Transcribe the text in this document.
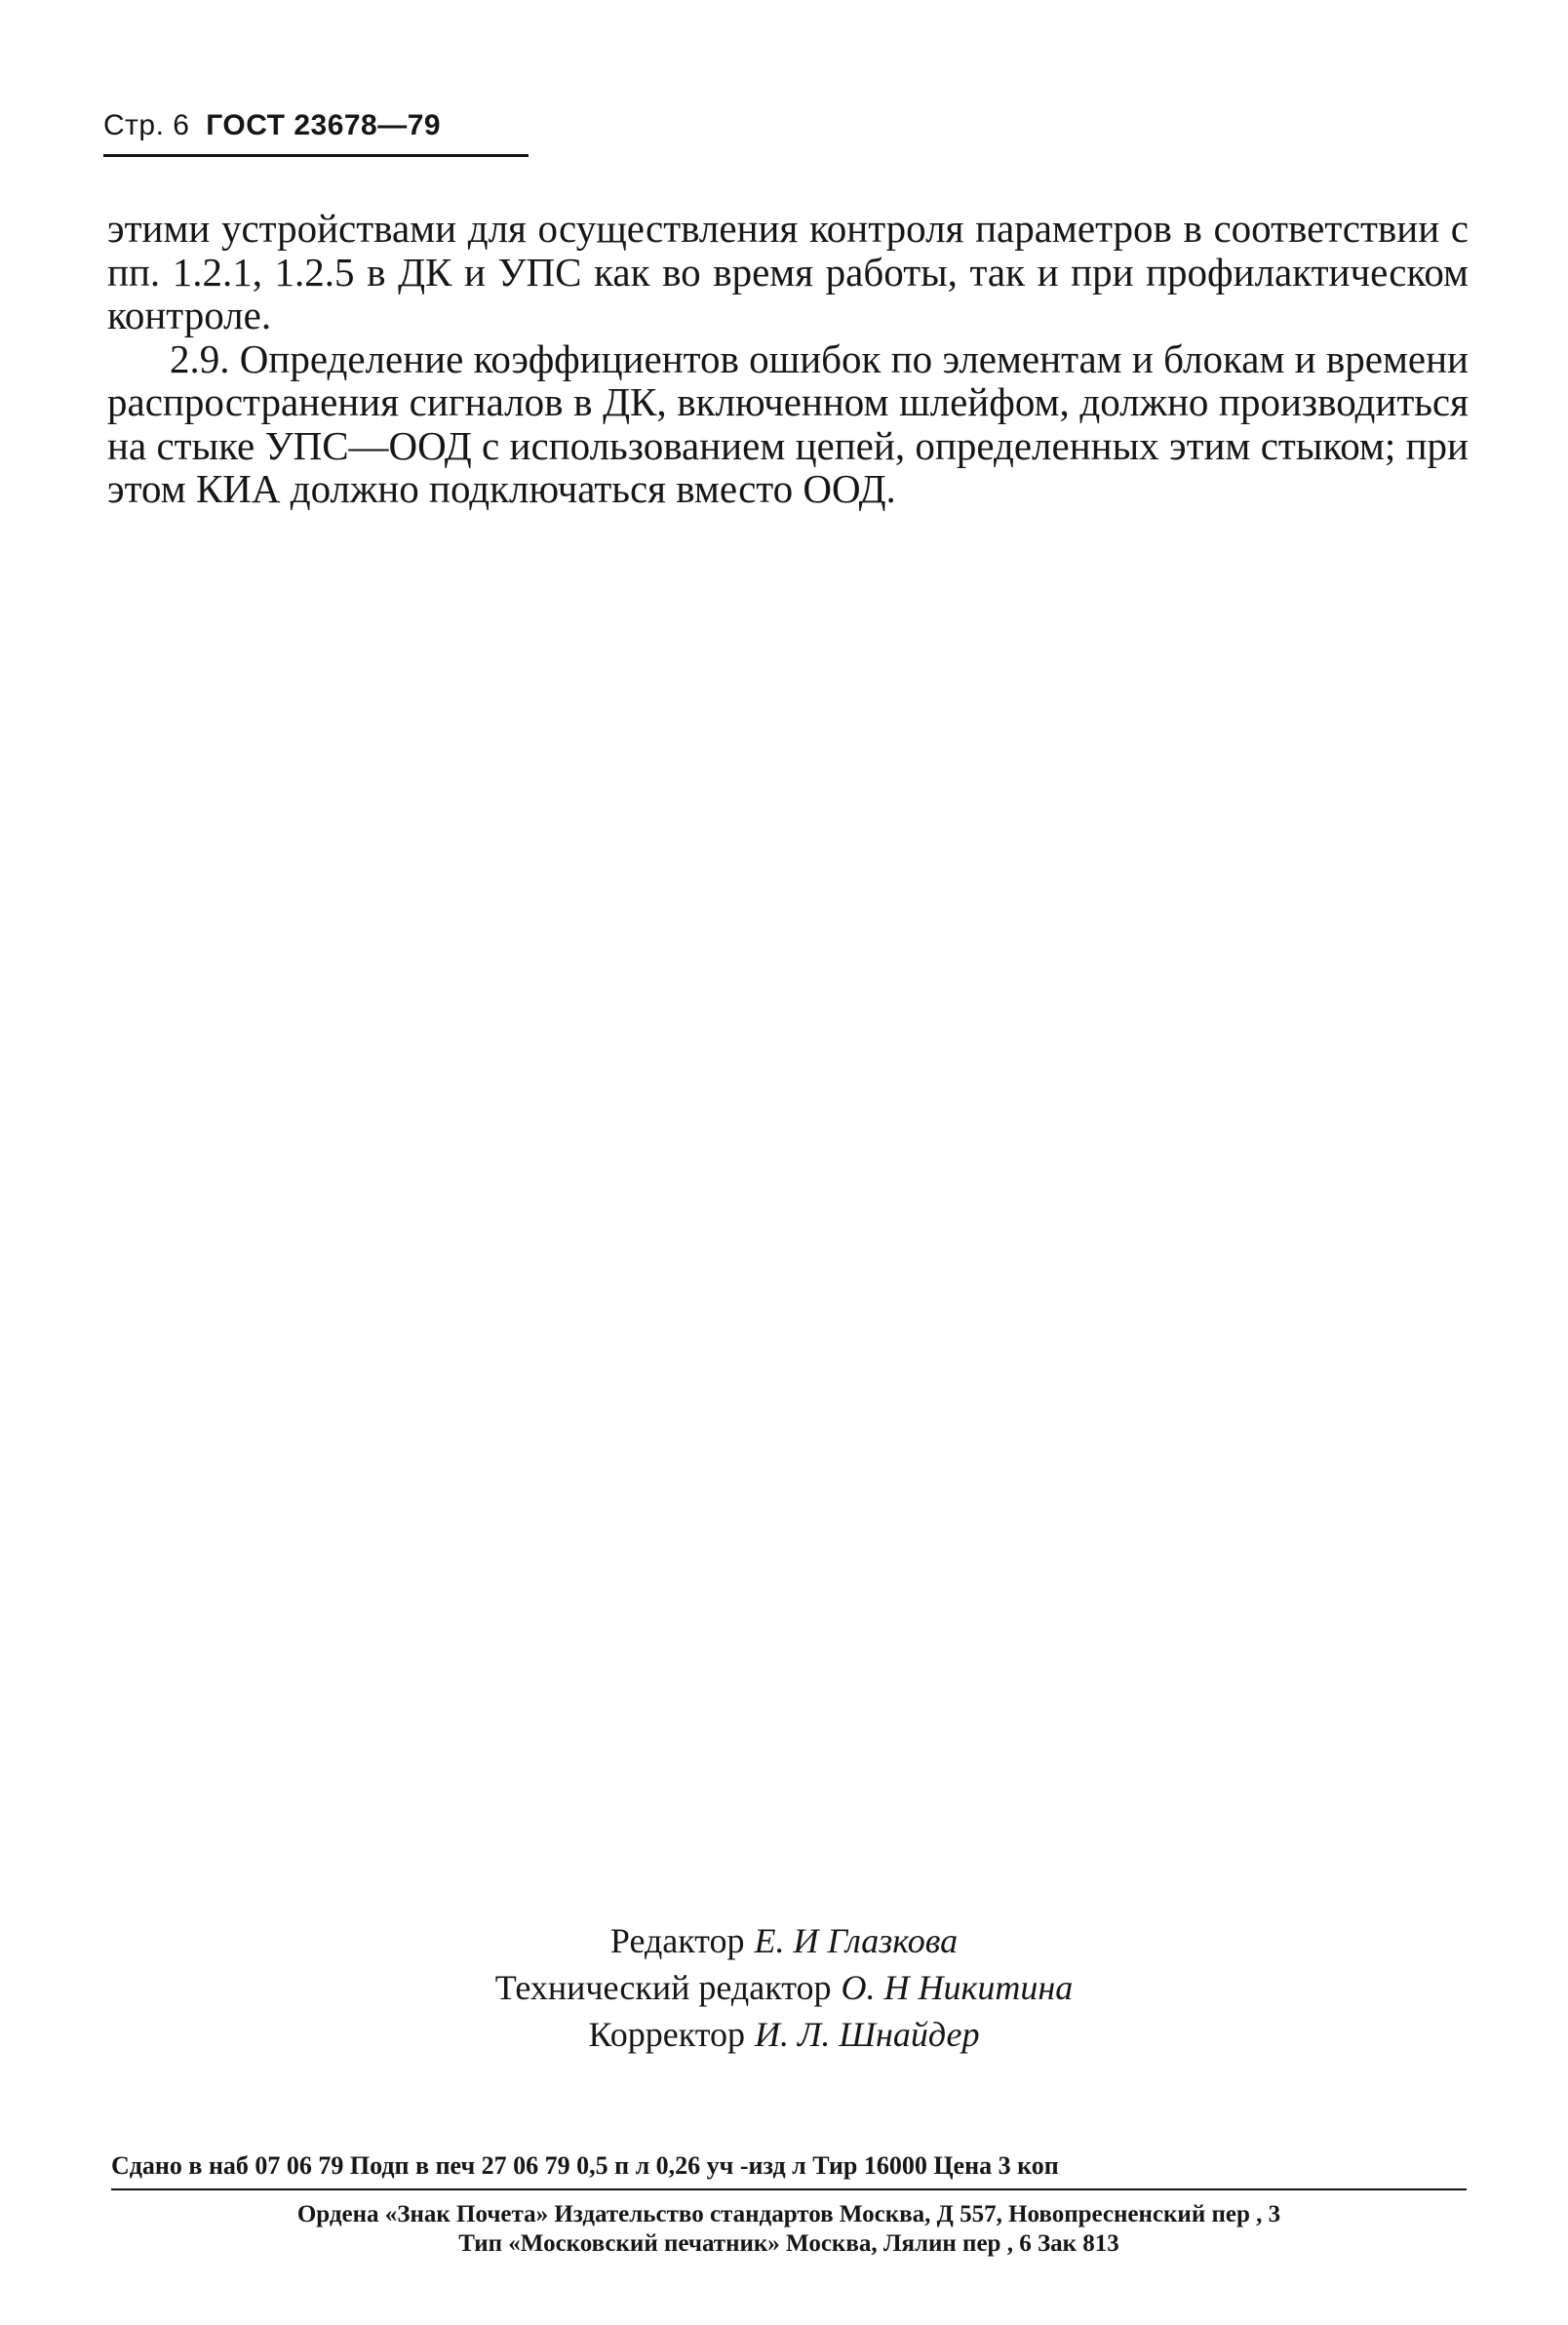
Стр. 6 ГОСТ 23678—79

этими устройствами для осуществления контроля параметров в соответствии с пп. 1.2.1, 1.2.5 в ДК и УПС как во время работы, так и при профилактическом контроле.

2.9. Определение коэффициентов ошибок по элементам и блокам и времени распространения сигналов в ДК, включенном шлейфом, должно производиться на стыке УПС—ООД с использованием цепей, определенных этим стыком; при этом КИА должно подключаться вместо ООД.

Редактор Е. И Глазкова
Технический редактор О. Н Никитина
Корректор И. Л. Шнайдер
Сдано в наб 07 06 79 Подп в печ 27 06 79 0,5 п л 0,26 уч -изд л Тир 16000 Цена 3 коп
Ордена «Знак Почета» Издательство стандартов Москва, Д 557, Новопресненский пер , 3
Тип «Московский печатник» Москва, Лялин пер , 6 Зак 813
